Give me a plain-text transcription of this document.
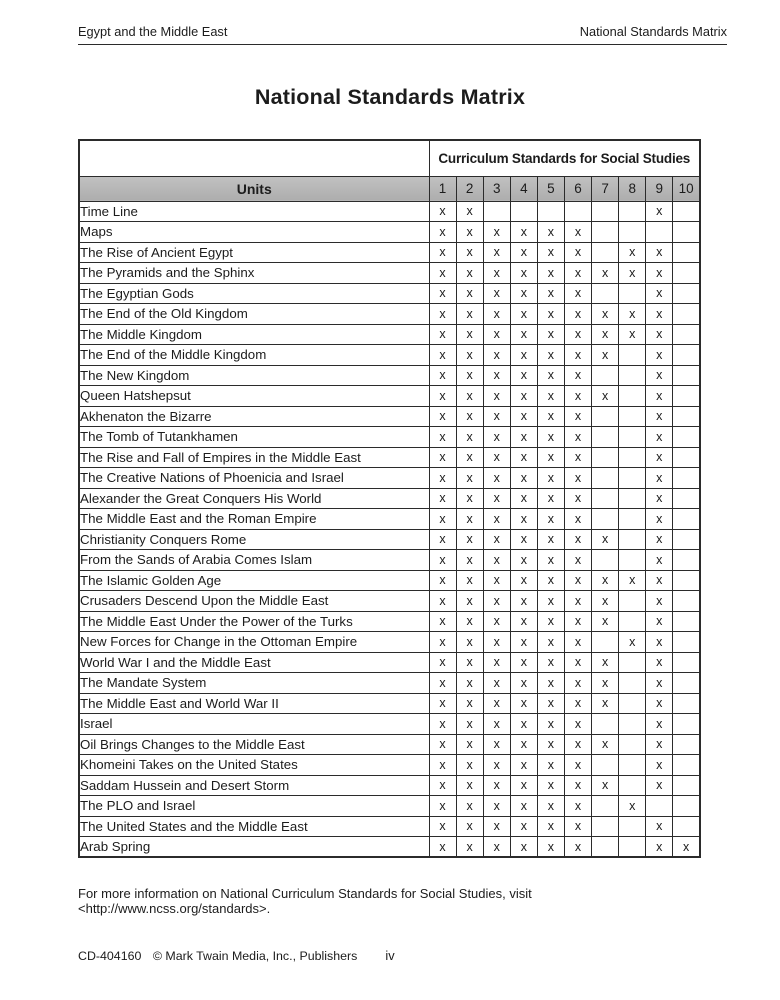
Egypt and the Middle East	National Standards Matrix
National Standards Matrix
	Curriculum Standards for Social Studies									
Units	1	2	3	4	5	6	7	8	9	10
Time Line	x	x							x	
Maps	x	x	x	x	x	x				
The Rise of Ancient Egypt	x	x	x	x	x	x		x	x	
The Pyramids and the Sphinx	x	x	x	x	x	x	x	x	x	
The Egyptian Gods	x	x	x	x	x	x			x	
The End of the Old Kingdom	x	x	x	x	x	x	x	x	x	
The Middle Kingdom	x	x	x	x	x	x	x	x	x	
The End of the Middle Kingdom	x	x	x	x	x	x	x		x	
The New Kingdom	x	x	x	x	x	x			x	
Queen Hatshepsut	x	x	x	x	x	x	x		x	
Akhenaton the Bizarre	x	x	x	x	x	x			x	
The Tomb of Tutankhamen	x	x	x	x	x	x			x	
The Rise and Fall of Empires in the Middle East	x	x	x	x	x	x			x	
The Creative Nations of Phoenicia and Israel	x	x	x	x	x	x			x	
Alexander the Great Conquers His World	x	x	x	x	x	x			x	
The Middle East and the Roman Empire	x	x	x	x	x	x			x	
Christianity Conquers Rome	x	x	x	x	x	x	x		x	
From the Sands of Arabia Comes Islam	x	x	x	x	x	x			x	
The Islamic Golden Age	x	x	x	x	x	x	x	x	x	
Crusaders Descend Upon the Middle East	x	x	x	x	x	x	x		x	
The Middle East Under the Power of the Turks	x	x	x	x	x	x	x		x	
New Forces for Change in the Ottoman Empire	x	x	x	x	x	x		x	x	
World War I and the Middle East	x	x	x	x	x	x	x		x	
The Mandate System	x	x	x	x	x	x	x		x	
The Middle East and World War II	x	x	x	x	x	x	x		x	
Israel	x	x	x	x	x	x			x	
Oil Brings Changes to the Middle East	x	x	x	x	x	x	x		x	
Khomeini Takes on the United States	x	x	x	x	x	x			x	
Saddam Hussein and Desert Storm	x	x	x	x	x	x	x		x	
The PLO and Israel	x	x	x	x	x	x		x		
The United States and the Middle East	x	x	x	x	x	x			x	
Arab Spring	x	x	x	x	x	x			x	x
For more information on National Curriculum Standards for Social Studies, visit <http://www.ncss.org/standards>.
CD-404160 © Mark Twain Media, Inc., Publishers	iv
